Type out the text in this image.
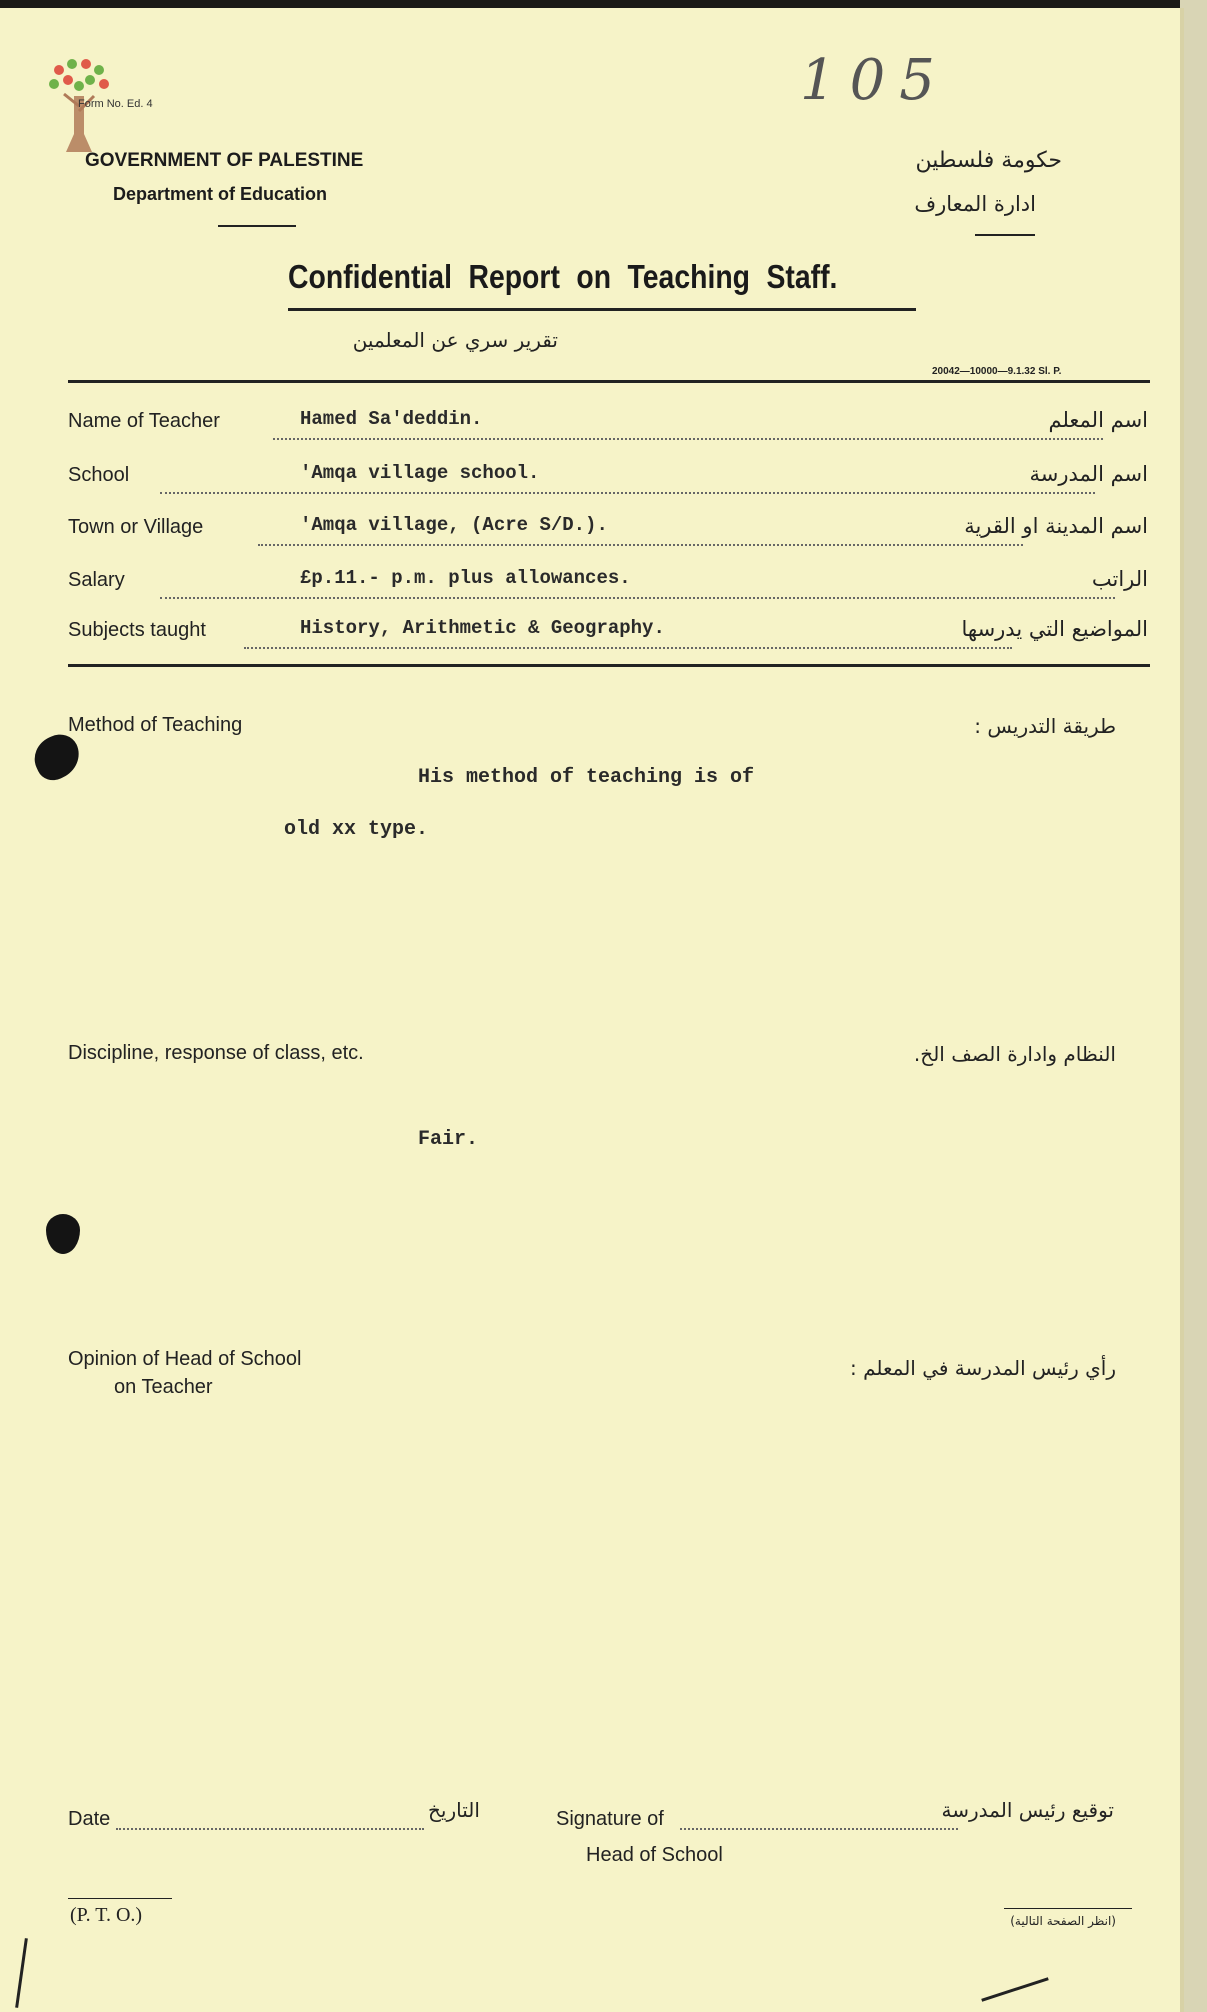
Form No. Ed. 4	105
GOVERNMENT OF PALESTINE
Department of Education
حكومة فلسطين
ادارة المعارف
Confidential Report on Teaching Staff.
تقرير سري عن المعلمين
20042—10000—9.1.32 Sl. P.
Name of Teacher	Hamed Sa'deddin.	اسم المعلم
School	'Amqa village school.	اسم المدرسة
Town or Village	'Amqa village, (Acre S/D.).	اسم المدينة او القرية
Salary	£p.11.- p.m. plus allowances.	الراتب
Subjects taught	History, Arithmetic & Geography.	المواضيع التي يدرسها
Method of Teaching	طريقة التدريس :
His method of teaching is of
old xx type.
Discipline, response of class, etc.	النظام وادارة الصف الخ.
Fair.
Opinion of Head of School
on Teacher
رأي رئيس المدرسة في المعلم :
Date	التاريخ	Signature of	توقيع رئيس المدرسة
Head of School
(P. T. O.)	(انظر الصفحة التالية)
